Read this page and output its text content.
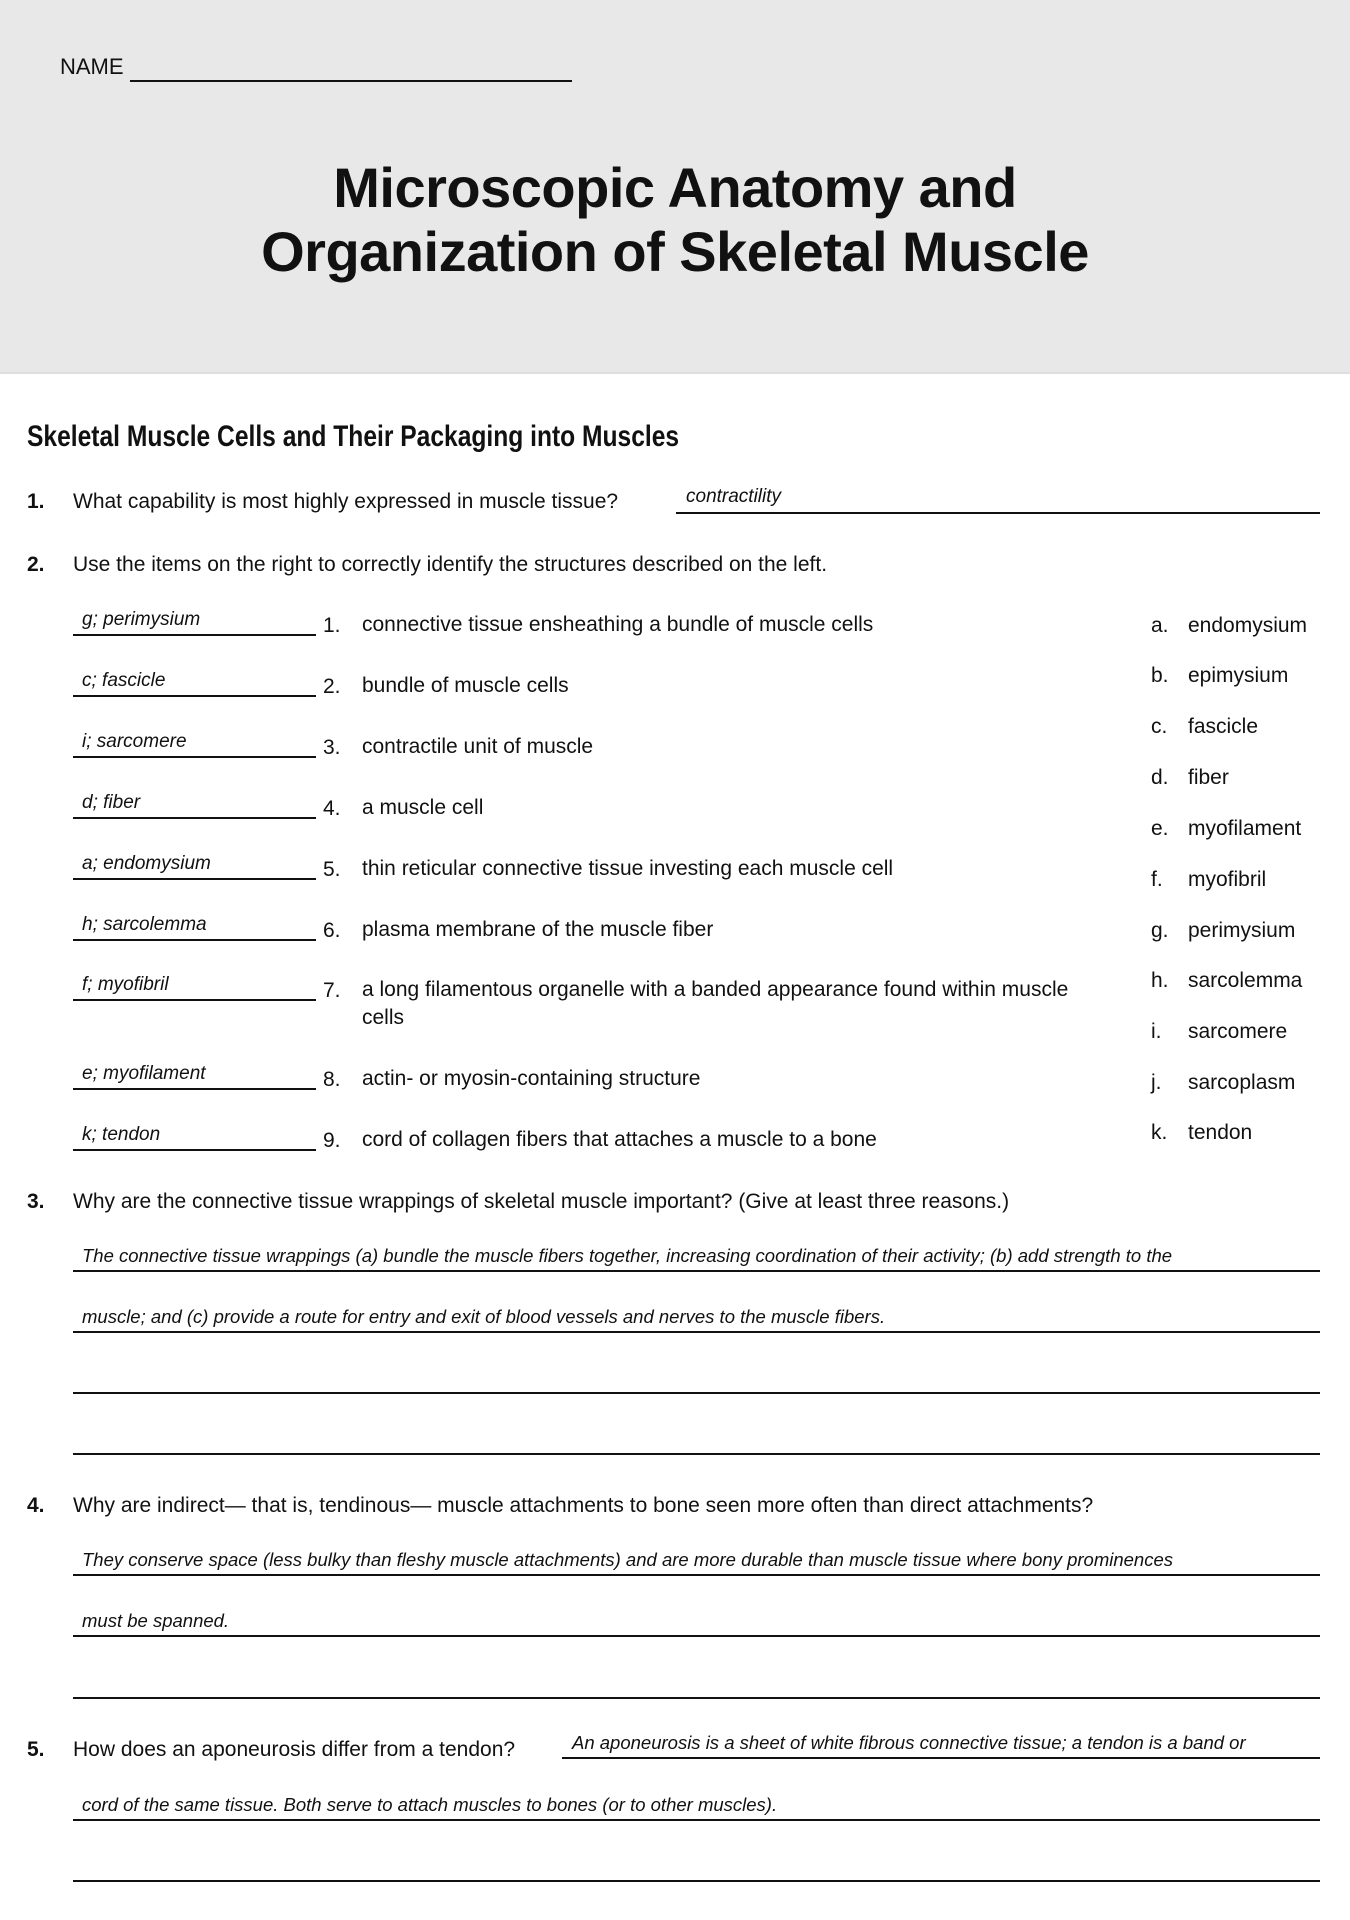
NAME
Microscopic Anatomy and
Organization of Skeletal Muscle
Skeletal Muscle Cells and Their Packaging into Muscles
1. What capability is most highly expressed in muscle tissue?	contractility
2. Use the items on the right to correctly identify the structures described on the left.
g; perimysium	1. connective tissue ensheathing a bundle of muscle cells
c; fascicle	2. bundle of muscle cells
i; sarcomere	3. contractile unit of muscle
d; fiber	4. a muscle cell
a; endomysium	5. thin reticular connective tissue investing each muscle cell
h; sarcolemma	6. plasma membrane of the muscle fiber
f; myofibril	7. a long filamentous organelle with a banded appearance found within muscle cells
e; myofilament	8. actin- or myosin-containing structure
k; tendon	9. cord of collagen fibers that attaches a muscle to a bone
a. endomysium
b. epimysium
c. fascicle
d. fiber
e. myofilament
f. myofibril
g. perimysium
h. sarcolemma
i. sarcomere
j. sarcoplasm
k. tendon
3. Why are the connective tissue wrappings of skeletal muscle important? (Give at least three reasons.)
The connective tissue wrappings (a) bundle the muscle fibers together, increasing coordination of their activity; (b) add strength to the
muscle; and (c) provide a route for entry and exit of blood vessels and nerves to the muscle fibers.
4. Why are indirect— that is, tendinous— muscle attachments to bone seen more often than direct attachments?
They conserve space (less bulky than fleshy muscle attachments) and are more durable than muscle tissue where bony prominences
must be spanned.
5. How does an aponeurosis differ from a tendon?	An aponeurosis is a sheet of white fibrous connective tissue; a tendon is a band or
cord of the same tissue. Both serve to attach muscles to bones (or to other muscles).
